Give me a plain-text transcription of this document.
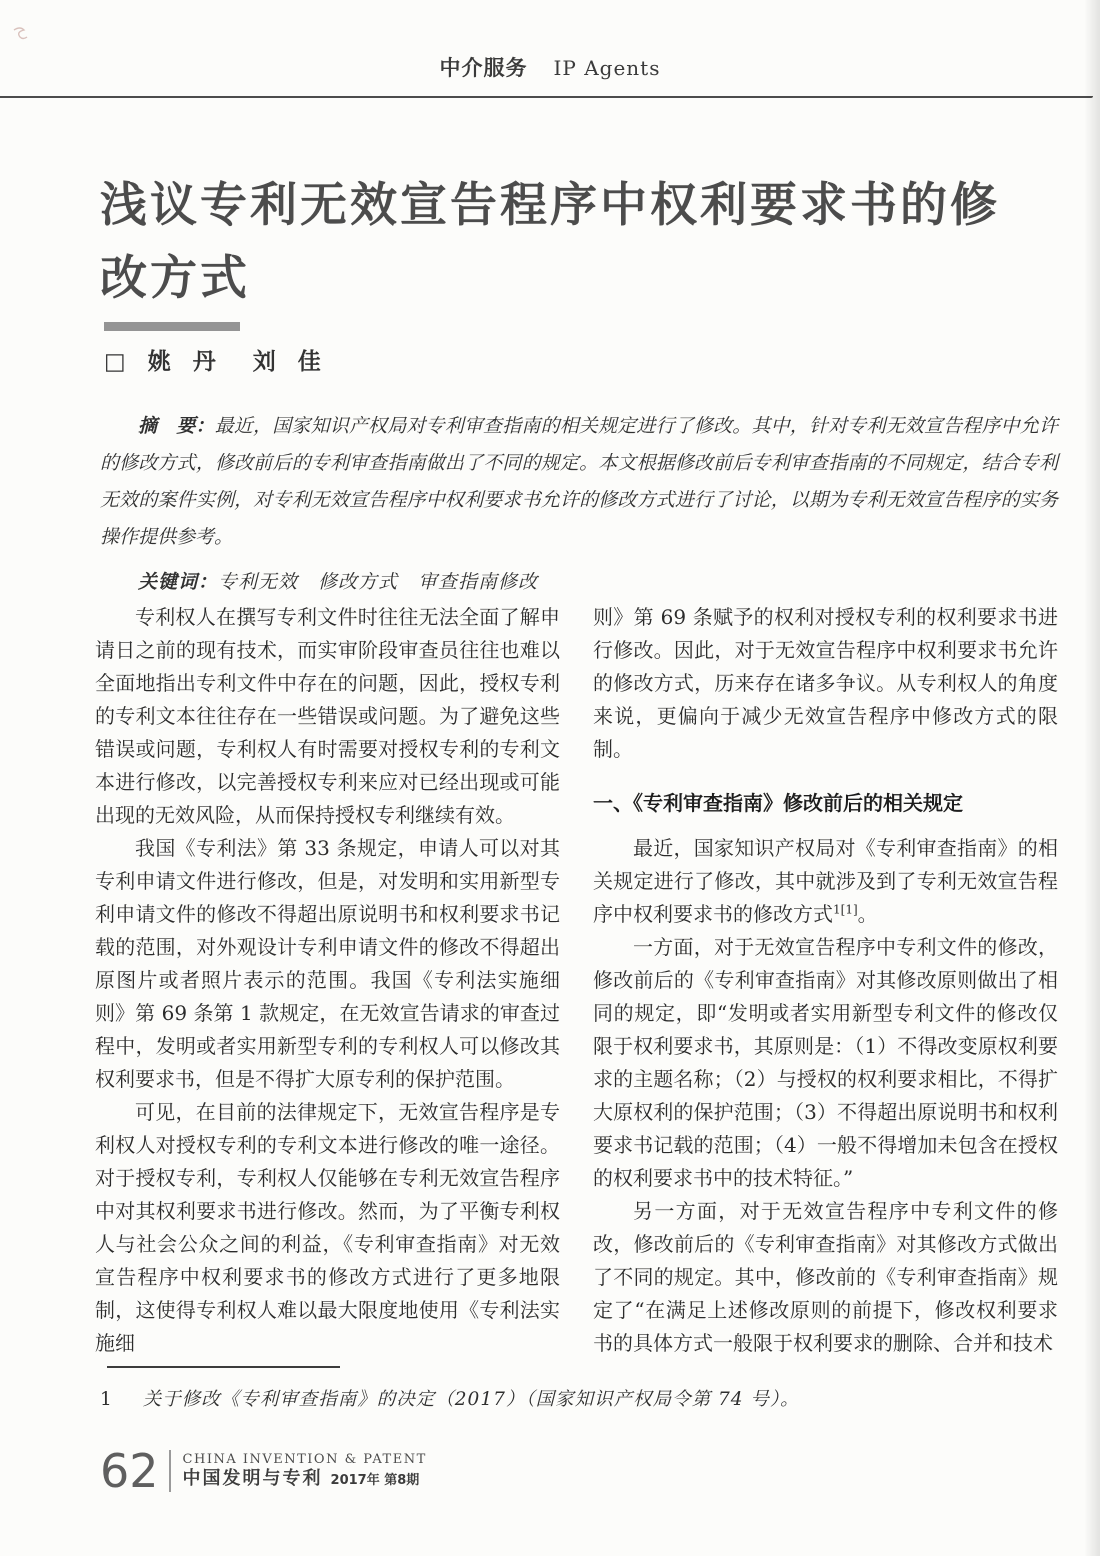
中介服务 IP Agents
浅议专利无效宣告程序中权利要求书的修改方式
□ 姚 丹　刘 佳

摘　要：最近，国家知识产权局对专利审查指南的相关规定进行了修改。其中，针对专利无效宣告程序中允许的修改方式，修改前后的专利审查指南做出了不同的规定。本文根据修改前后专利审查指南的不同规定，结合专利无效的案件实例，对专利无效宣告程序中权利要求书允许的修改方式进行了讨论，以期为专利无效宣告程序的实务操作提供参考。

关键词：专利无效　修改方式　审查指南修改

专利权人在撰写专利文件时往往无法全面了解申请日之前的现有技术，而实审阶段审查员往往也难以全面地指出专利文件中存在的问题，因此，授权专利的专利文本往往存在一些错误或问题。为了避免这些错误或问题，专利权人有时需要对授权专利的专利文本进行修改，以完善授权专利来应对已经出现或可能出现的无效风险，从而保持授权专利继续有效。

我国《专利法》第 33 条规定，申请人可以对其专利申请文件进行修改，但是，对发明和实用新型专利申请文件的修改不得超出原说明书和权利要求书记载的范围，对外观设计专利申请文件的修改不得超出原图片或者照片表示的范围。我国《专利法实施细则》第 69 条第 1 款规定，在无效宣告请求的审查过程中，发明或者实用新型专利的专利权人可以修改其权利要求书，但是不得扩大原专利的保护范围。

可见，在目前的法律规定下，无效宣告程序是专利权人对授权专利的专利文本进行修改的唯一途径。对于授权专利，专利权人仅能够在专利无效宣告程序中对其权利要求书进行修改。然而，为了平衡专利权人与社会公众之间的利益，《专利审查指南》对无效宣告程序中权利要求书的修改方式进行了更多地限制，这使得专利权人难以最大限度地使用《专利法实施细

则》第 69 条赋予的权利对授权专利的权利要求书进行修改。因此，对于无效宣告程序中权利要求书允许的修改方式，历来存在诸多争议。从专利权人的角度来说，更偏向于减少无效宣告程序中修改方式的限制。

一、《专利审查指南》修改前后的相关规定

最近，国家知识产权局对《专利审查指南》的相关规定进行了修改，其中就涉及到了专利无效宣告程序中权利要求书的修改方式$^{1[1]}$。

一方面，对于无效宣告程序中专利文件的修改，修改前后的《专利审查指南》对其修改原则做出了相同的规定，即“发明或者实用新型专利文件的修改仅限于权利要求书，其原则是：（1）不得改变原权利要求的主题名称；（2）与授权的权利要求相比，不得扩大原权利的保护范围；（3）不得超出原说明书和权利要求书记载的范围；（4）一般不得增加未包含在授权的权利要求书中的技术特征。”

另一方面，对于无效宣告程序中专利文件的修改，修改前后的《专利审查指南》对其修改方式做出了不同的规定。其中，修改前的《专利审查指南》规定了“在满足上述修改原则的前提下，修改权利要求书的具体方式一般限于权利要求的删除、合并和技术

1 关于修改《专利审查指南》的决定（2017）（国家知识产权局令第 74 号）。
62 CHINA INVENTION & PATENT
中国发明与专利 2017年 第8期
